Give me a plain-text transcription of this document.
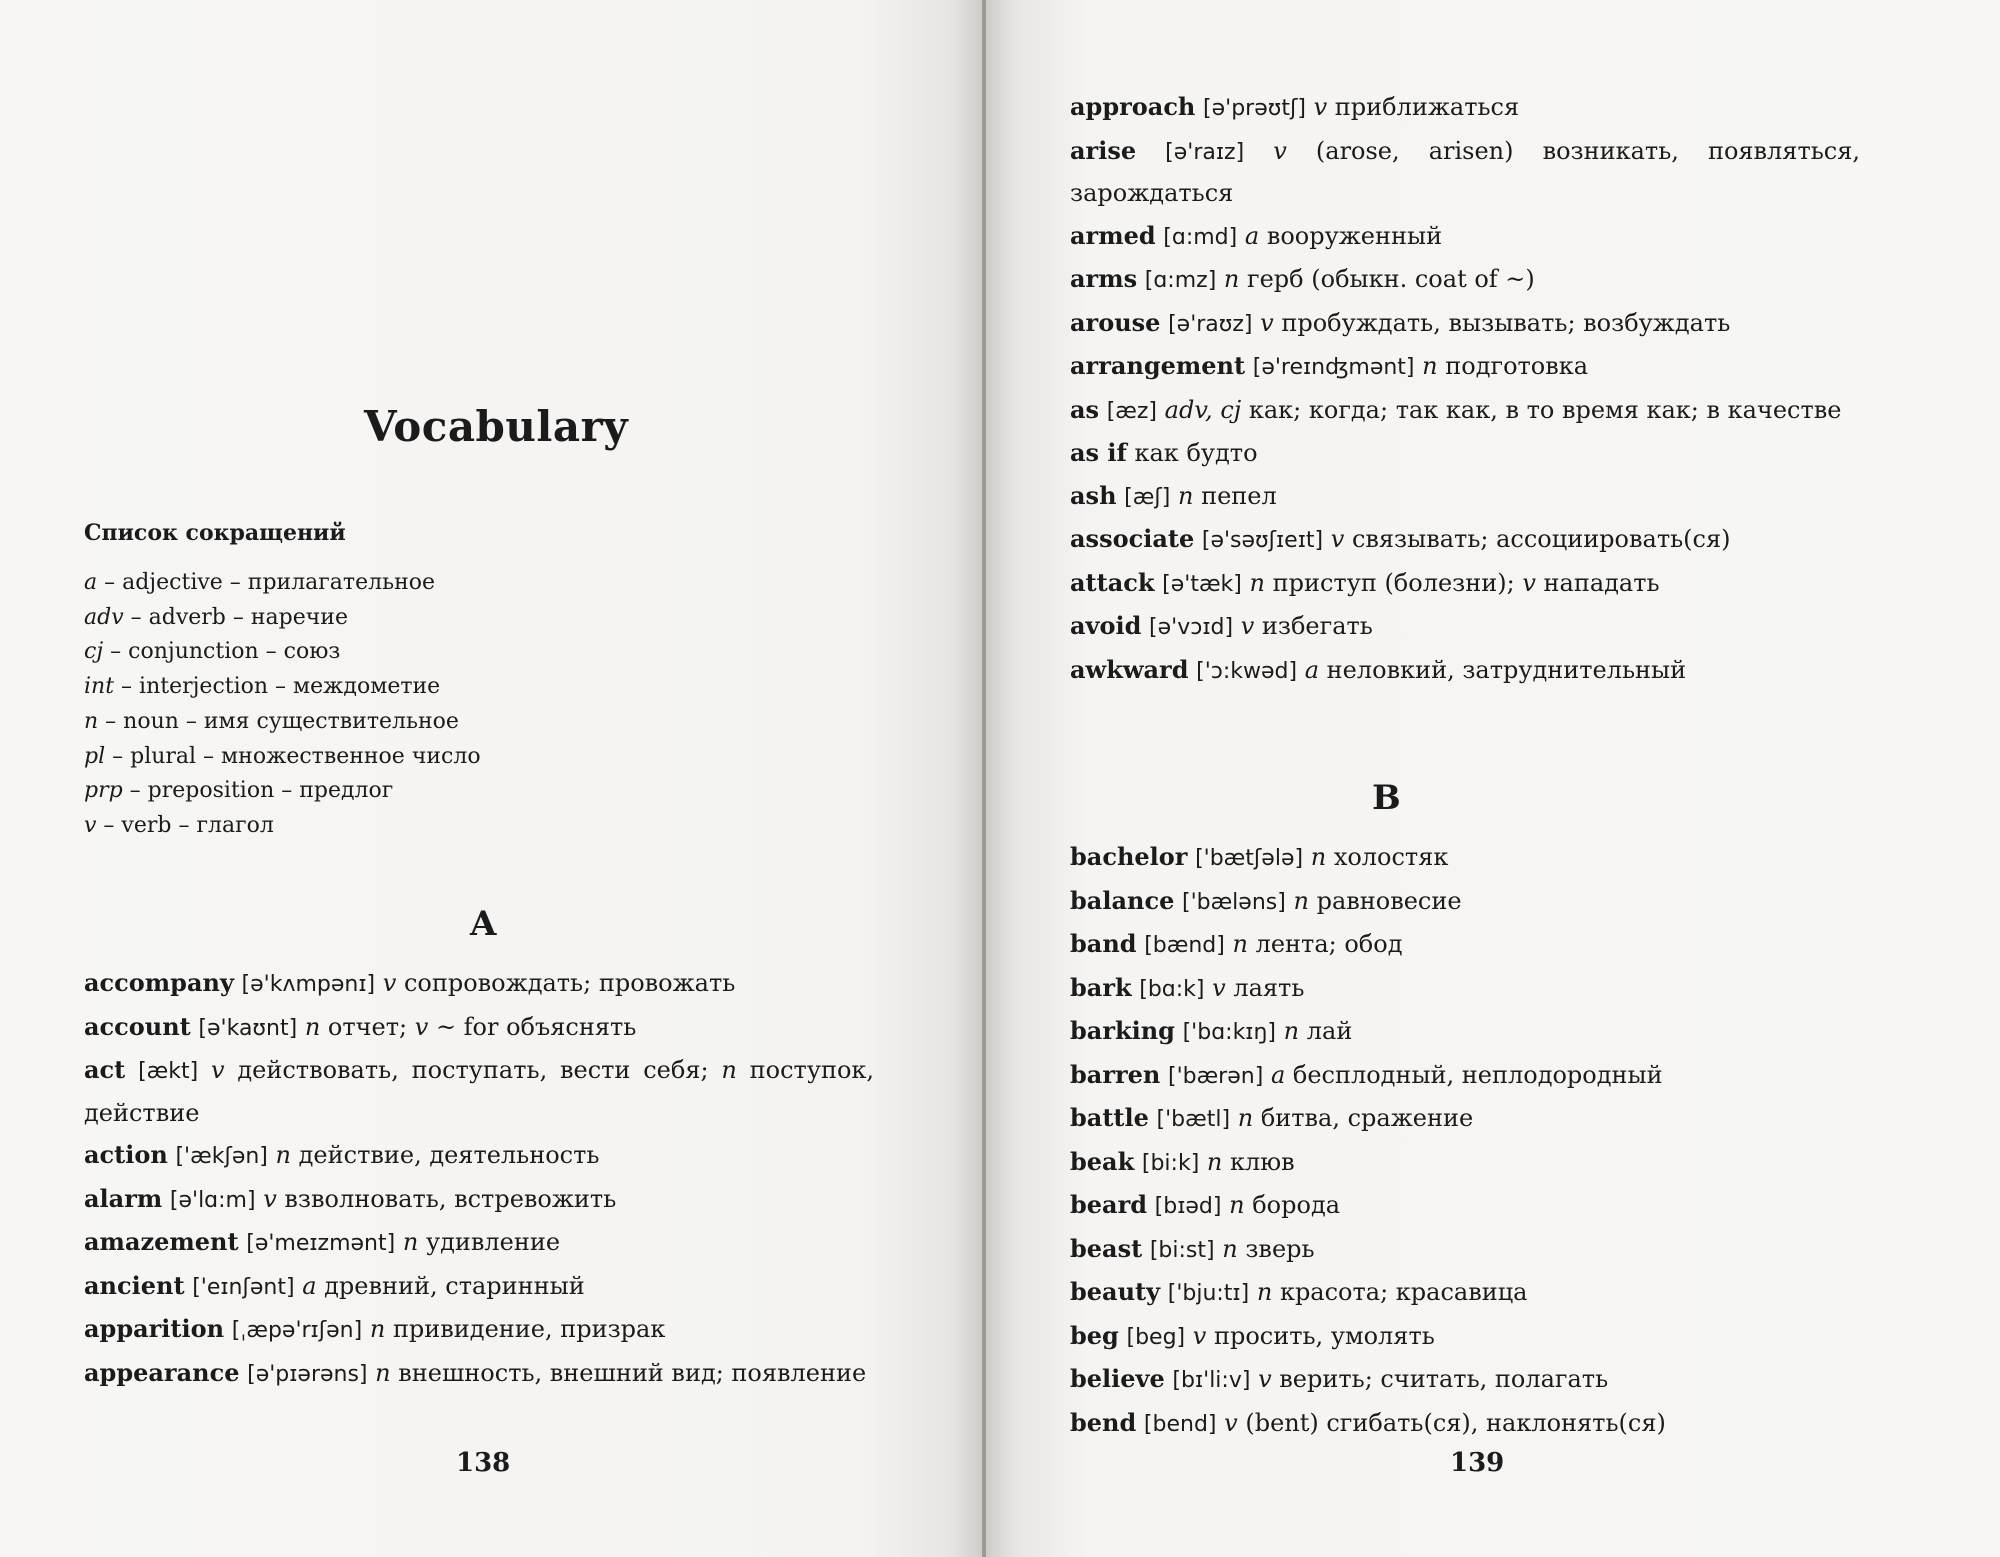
Vocabulary
Список сокращений
a – adjective – прилагательное
adv – adverb – наречие
cj – conjunction – союз
int – interjection – междометие
n – noun – имя существительное
pl – plural – множественное число
prp – preposition – предлог
v – verb – глагол
A
accompany [ə'kʌmpənɪ] v сопровождать; провожать
account [ə'kaʊnt] n отчет; v ~ for объяснять
act [ækt] v действовать, поступать, вести себя; n поступок, действие
action ['ækʃən] n действие, деятельность
alarm [ə'lɑ:m] v взволновать, встревожить
amazement [ə'meɪzmənt] n удивление
ancient ['eɪnʃənt] a древний, старинный
apparition [ˌæpə'rɪʃən] n привидение, призрак
appearance [ə'pɪərəns] n внешность, внешний вид; появление
138
approach [ə'prəʊtʃ] v приближаться
arise [ə'raɪz] v (arose, arisen) возникать, появляться, зарождаться
armed [ɑ:md] a вооруженный
arms [ɑ:mz] n герб (обыкн. coat of ~)
arouse [ə'raʊz] v пробуждать, вызывать; возбуждать
arrangement [ə'reɪnʤmənt] n подготовка
as [æz] adv, cj как; когда; так как, в то время как; в качестве
as if как будто
ash [æʃ] n пепел
associate [ə'səʊʃɪeɪt] v связывать; ассоциировать(ся)
attack [ə'tæk] n приступ (болезни); v нападать
avoid [ə'vɔɪd] v избегать
awkward ['ɔ:kwəd] a неловкий, затруднительный
bachelor ['bætʃələ] n холостяк
balance ['bæləns] n равновесие
band [bænd] n лента; обод
bark [bɑ:k] v лаять
barking ['bɑ:kɪŋ] n лай
barren ['bærən] a бесплодный, неплодородный
battle ['bætl] n битва, сражение
beak [bi:k] n клюв
beard [bɪəd] n борода
beast [bi:st] n зверь
beauty ['bju:tɪ] n красота; красавица
beg [beg] v просить, умолять
believe [bɪ'li:v] v верить; считать, полагать
bend [bend] v (bent) сгибать(ся), наклонять(ся)
B
139
